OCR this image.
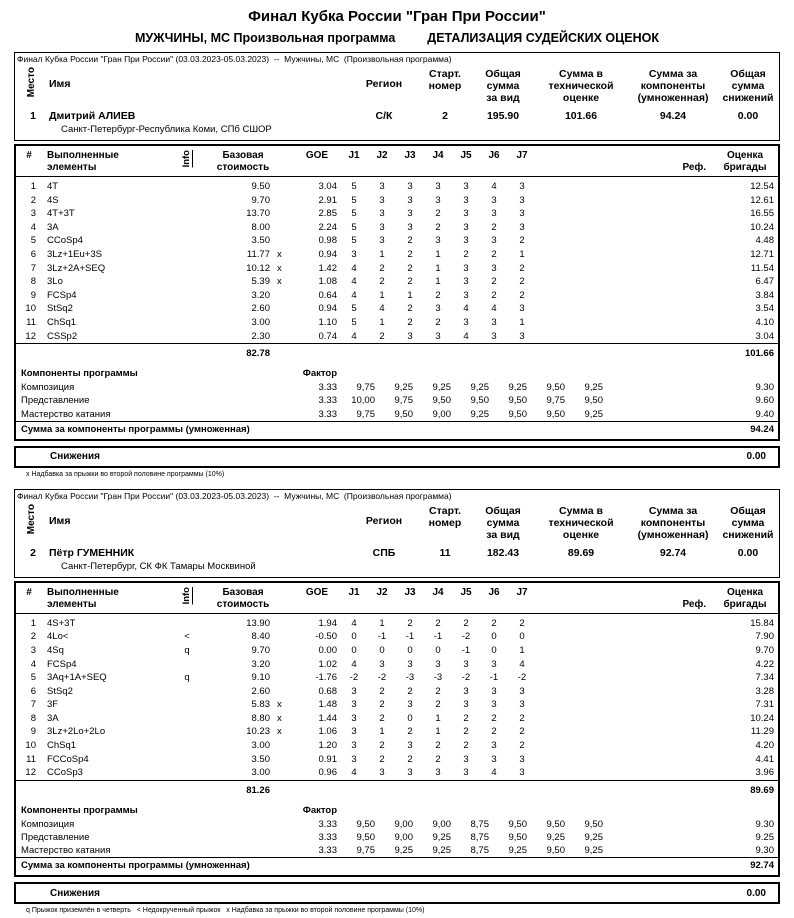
Финал Кубка России "Гран При России"
МУЖЧИНЫ, МС Произвольная программа	ДЕТАЛИЗАЦИЯ СУДЕЙСКИХ ОЦЕНОК
Финал Кубка России "Гран При России" (03.03.2023-05.03.2023)  --  Мужчины, МС  (Произвольная программа)
Место	Имя	Регион	Старт.
номер	Общая
сумма
за вид	Сумма в
технической
оценке	Сумма за
компоненты
(умноженная)	Общая
сумма
снижений
1	Дмитрий АЛИЕВ	С/К	2	195.90	101.66	94.24	0.00
	Санкт-Петербург-Республика Коми, СПб СШОР						
#	Выполненные
элементы	Info	Базовая
стоимость		GOE	J1	J2	J3	J4	J5	J6	J7	Реф.	Оценка
бригады
1	4T		9.50		3.04	5	3	3	3	3	4	3		12.54
2	4S		9.70		2.91	5	3	3	3	3	3	3		12.61
3	4T+3T		13.70		2.85	5	3	3	2	3	3	3		16.55
4	3A		8.00		2.24	5	3	3	2	3	2	3		10.24
5	CCoSp4		3.50		0.98	5	3	2	3	3	3	2		4.48
6	3Lz+1Eu+3S		11.77	x	0.94	3	1	2	1	2	2	1		12.71
7	3Lz+2A+SEQ		10.12	x	1.42	4	2	2	1	3	3	2		11.54
8	3Lo		5.39	x	1.08	4	2	2	1	3	2	2		6.47
9	FCSp4		3.20		0.64	4	1	1	2	3	2	2		3.84
10	StSq2		2.60		0.94	5	4	2	3	4	4	3		3.54
11	ChSq1		3.00		1.10	5	1	2	2	3	3	1		4.10
12	CSSp2		2.30		0.74	4	2	3	3	4	3	3		3.04
			82.78											101.66
Компоненты программы	Фактор									
Композиция	3.33	9,75	9,25	9,25	9,25	9,25	9,50	9,25		9.30
Представление	3.33	10,00	9,75	9,50	9,50	9,50	9,75	9,50		9.60
Мастерство катания	3.33	9,75	9,50	9,00	9,25	9,50	9,50	9,25		9.40
Сумма за компоненты программы (умноженная)										94.24
Снижения	0.00
х Надбавка за прыжки во второй половине программы (10%)
Финал Кубка России "Гран При России" (03.03.2023-05.03.2023)  --  Мужчины, МС  (Произвольная программа)
Место	Имя	Регион	Старт.
номер	Общая
сумма
за вид	Сумма в
технической
оценке	Сумма за
компоненты
(умноженная)	Общая
сумма
снижений
2	Пётр ГУМЕННИК	СПБ	11	182.43	89.69	92.74	0.00
	Санкт-Петербург, СК ФК Тамары Москвиной						
#	Выполненные
элементы	Info	Базовая
стоимость		GOE	J1	J2	J3	J4	J5	J6	J7	Реф.	Оценка
бригады
1	4S+3T		13.90		1.94	4	1	2	2	2	2	2		15.84
2	4Lo<	<	8.40		-0.50	0	-1	-1	-1	-2	0	0		7.90
3	4Sq	q	9.70		0.00	0	0	0	0	-1	0	1		9.70
4	FCSp4		3.20		1.02	4	3	3	3	3	3	4		4.22
5	3Aq+1A+SEQ	q	9.10		-1.76	-2	-2	-3	-3	-2	-1	-2		7.34
6	StSq2		2.60		0.68	3	2	2	2	3	3	3		3.28
7	3F		5.83	x	1.48	3	2	3	2	3	3	3		7.31
8	3A		8.80	x	1.44	3	2	0	1	2	2	2		10.24
9	3Lz+2Lo+2Lo		10.23	x	1.06	3	1	2	1	2	2	2		11.29
10	ChSq1		3.00		1.20	3	2	3	2	2	3	2		4.20
11	FCCoSp4		3.50		0.91	3	2	2	2	3	3	3		4.41
12	CCoSp3		3.00		0.96	4	3	3	3	3	4	3		3.96
			81.26											89.69
Компоненты программы	Фактор									
Композиция	3.33	9,50	9,00	9,00	8,75	9,50	9,50	9,50		9.30
Представление	3.33	9,50	9,00	9,25	8,75	9,50	9,25	9,25		9.25
Мастерство катания	3.33	9,75	9,25	9,25	8,75	9,25	9,50	9,25		9.30
Сумма за компоненты программы (умноженная)										92.74
Снижения	0.00
q Прыжок приземлён в четверть   < Недокрученный прыжок   х Надбавка за прыжки во второй половине программы (10%)
